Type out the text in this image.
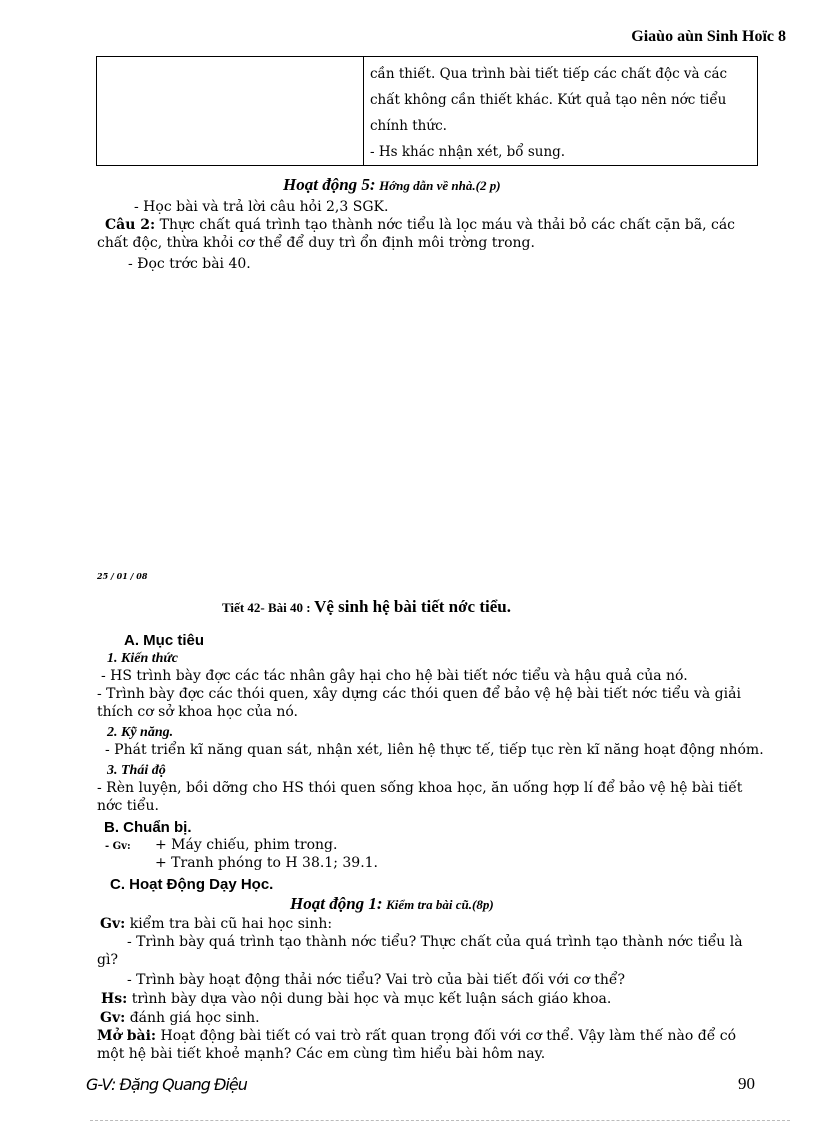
Giaùo aùn Sinh Hoïc 8

cần thiết. Qua trình bài tiết tiếp các chất độc và các
chất không cần thiết khác. Kứt quả tạo nên nớc tiểu
chính thức.
- Hs khác nhận xét, bổ sung.
Hoạt động 5: Hớng dẫn về nhà.(2 p)
- Học bài và trả lời câu hỏi 2,3 SGK.
Câu 2: Thực chất quá trình tạo thành nớc tiểu là lọc máu và thải bỏ các chất cặn bã, các chất độc, thừa khỏi cơ thể để duy trì ổn định môi trờng trong.
- Đọc trớc bài 40.
25 / 01 / 08
Tiết 42- Bài 40 : Vệ sinh hệ bài tiết nớc tiểu.
A. Mục tiêu
1. Kiến thức
- HS trình bày đợc các tác nhân gây hại cho hệ bài tiết nớc tiểu và hậu quả của nó.
- Trình bày đợc các thói quen, xây dựng các thói quen để bảo vệ hệ bài tiết nớc tiểu và giải thích cơ sở khoa học của nó.
2. Kỹ năng.
- Phát triển kĩ năng quan sát, nhận xét, liên hệ thực tế, tiếp tục rèn kĩ năng hoạt động nhóm.
3. Thái độ
- Rèn luyện, bồi dỡng cho HS thói quen sống khoa học, ăn uống hợp lí để bảo vệ hệ bài tiết nớc tiểu.
B. Chuẩn bị.
- Gv: + Máy chiếu, phim trong.
+ Tranh phóng to H 38.1; 39.1.
C. Hoạt Động Dạy Học.
Hoạt động 1: Kiểm tra bài cũ.(8p)
Gv: kiểm tra bài cũ hai học sinh:
- Trình bày quá trình tạo thành nớc tiểu? Thực chất của quá trình tạo thành nớc tiểu là gì?
- Trình bày hoạt động thải nớc tiểu? Vai trò của bài tiết đối với cơ thể?
Hs: trình bày dựa vào nội dung bài học và mục kết luận sách giáo khoa.
Gv: đánh giá học sinh.
Mở bài: Hoạt động bài tiết có vai trò rất quan trọng đối với cơ thể. Vậy làm thế nào để có một hệ bài tiết khoẻ mạnh? Các em cùng tìm hiểu bài hôm nay.
G-V: Đặng Quang Điệu	90
